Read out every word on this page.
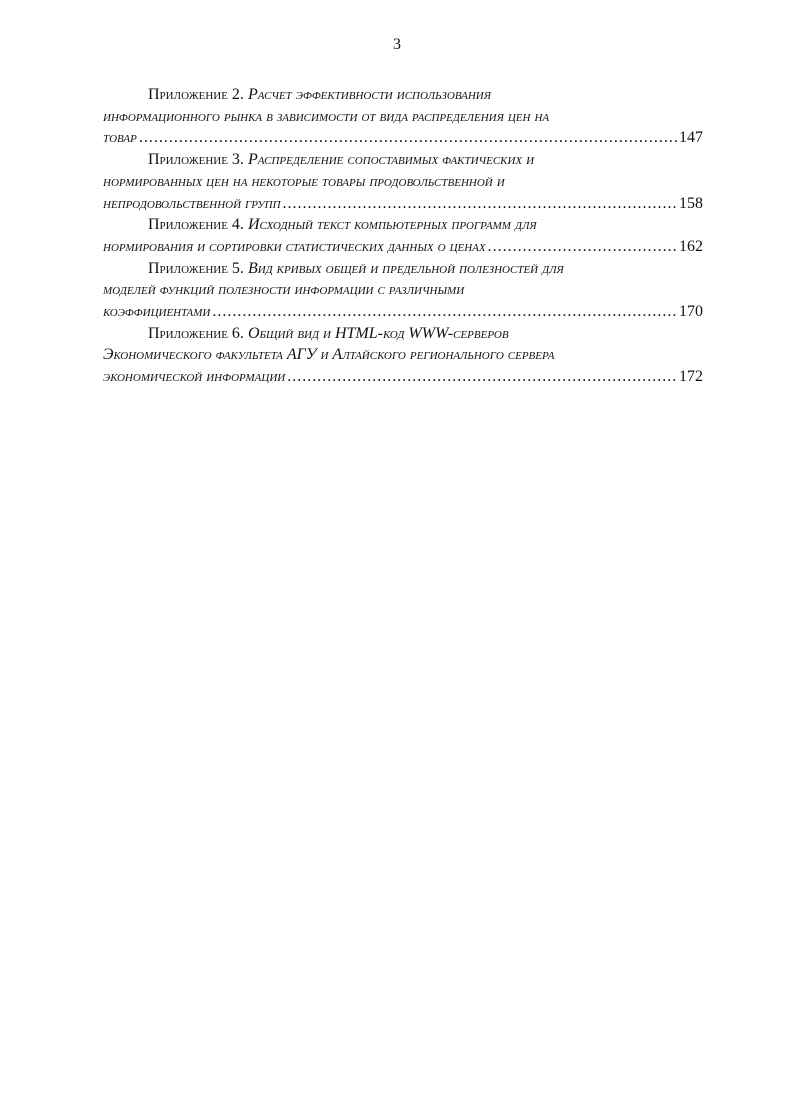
3
Приложение 2.
Расчет эффективности использования
информационного рынка в зависимости от вида распределения цен на
товар .....	147
Приложение 3.
Распределение сопоставимых фактических и
нормированных цен на некоторые товары продовольственной и
непродовольственной групп .....	158
Приложение 4.
Исходный текст компьютерных программ для
нормирования и сортировки статистических данных о ценах .....	162
Приложение 5.
Вид кривых общей и предельной полезностей для
моделей функций полезности информации с различными
коэффициентами .....	170
Приложение 6.
Общий вид и HTML-код WWW-серверов
Экономического факультета АГУ и Алтайского регионального сервера
экономической информации .....	172
